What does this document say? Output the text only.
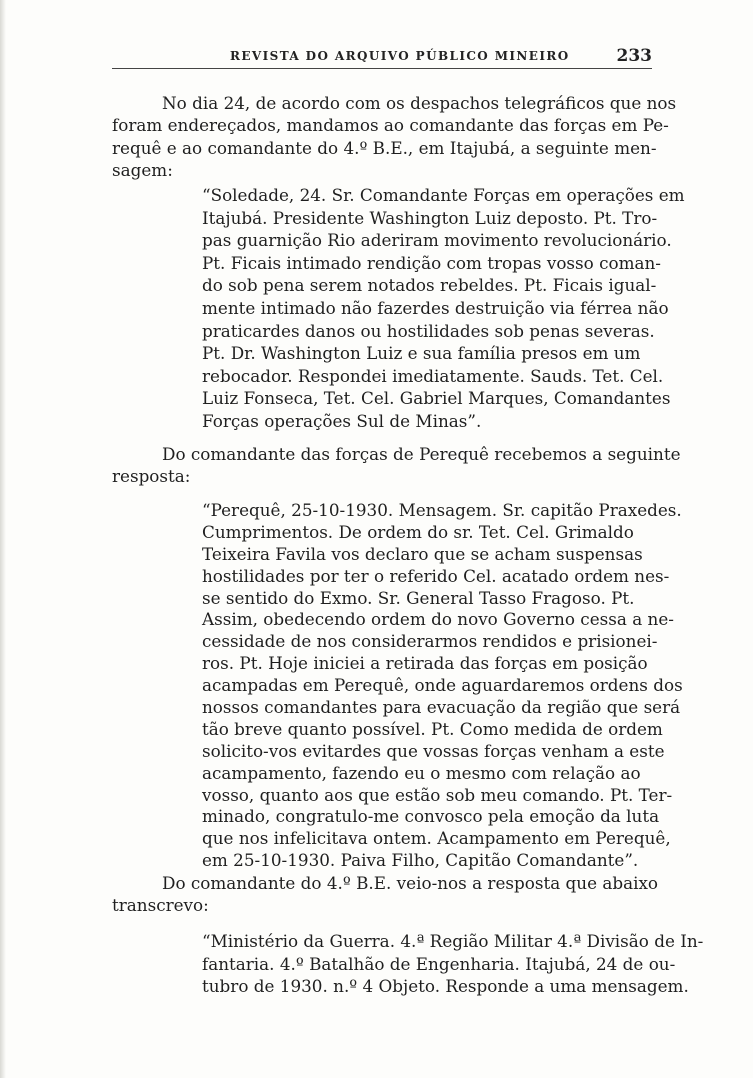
REVISTA DO ARQUIVO PÚBLICO MINEIRO	233
No dia 24, de acordo com os despachos telegráficos que nos
foram endereçados, mandamos ao comandante das forças em Pe-
requê e ao comandante do 4.º B.E., em Itajubá, a seguinte men-
sagem:
“Soledade, 24. Sr. Comandante Forças em operações em
Itajubá. Presidente Washington Luiz deposto. Pt. Tro-
pas guarnição Rio aderiram movimento revolucionário.
Pt. Ficais intimado rendição com tropas vosso coman-
do sob pena serem notados rebeldes. Pt. Ficais igual-
mente intimado não fazerdes destruição via férrea não
praticardes danos ou hostilidades sob penas severas.
Pt. Dr. Washington Luiz e sua família presos em um
rebocador. Respondei imediatamente. Sauds. Tet. Cel.
Luiz Fonseca, Tet. Cel. Gabriel Marques, Comandantes
Forças operações Sul de Minas”.
Do comandante das forças de Perequê recebemos a seguinte
resposta:
“Perequê, 25-10-1930. Mensagem. Sr. capitão Praxedes.
Cumprimentos. De ordem do sr. Tet. Cel. Grimaldo
Teixeira Favila vos declaro que se acham suspensas
hostilidades por ter o referido Cel. acatado ordem nes-
se sentido do Exmo. Sr. General Tasso Fragoso. Pt.
Assim, obedecendo ordem do novo Governo cessa a ne-
cessidade de nos considerarmos rendidos e prisionei-
ros. Pt. Hoje iniciei a retirada das forças em posição
acampadas em Perequê, onde aguardaremos ordens dos
nossos comandantes para evacuação da região que será
tão breve quanto possível. Pt. Como medida de ordem
solicito-vos evitardes que vossas forças venham a este
acampamento, fazendo eu o mesmo com relação ao
vosso, quanto aos que estão sob meu comando. Pt. Ter-
minado, congratulo-me convosco pela emoção da luta
que nos infelicitava ontem. Acampamento em Perequê,
em 25-10-1930. Paiva Filho, Capitão Comandante”.
Do comandante do 4.º B.E. veio-nos a resposta que abaixo
transcrevo:
“Ministério da Guerra. 4.ª Região Militar 4.ª Divisão de In-
fantaria. 4.º Batalhão de Engenharia. Itajubá, 24 de ou-
tubro de 1930. n.º 4 Objeto. Responde a uma mensagem.
